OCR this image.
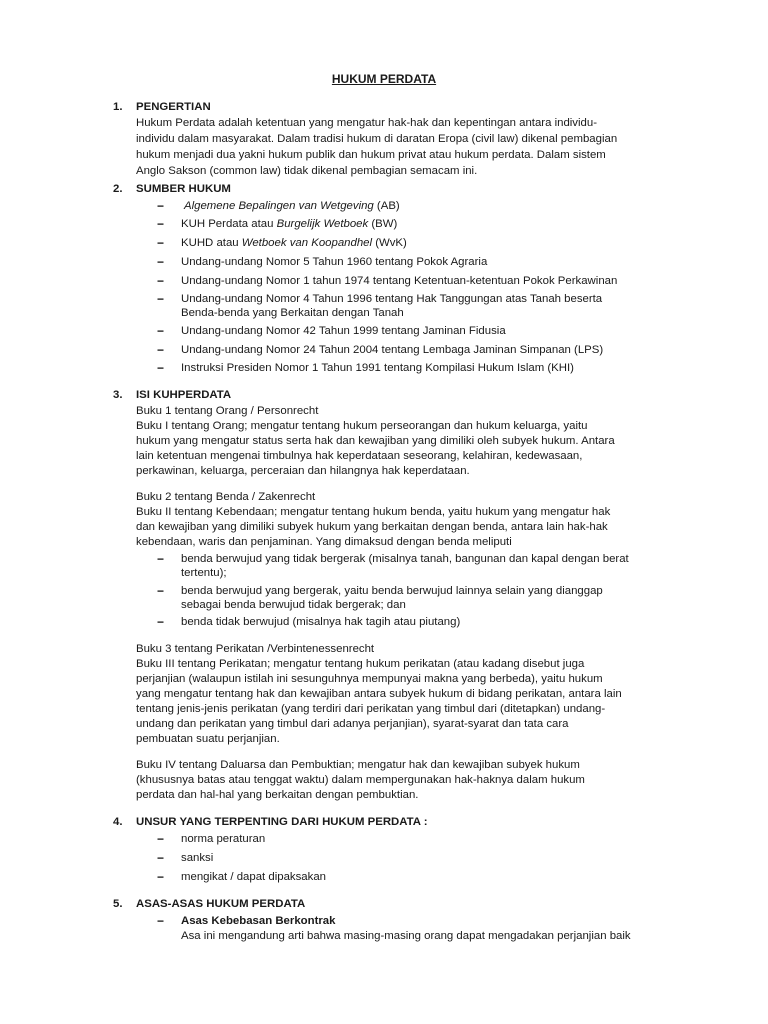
HUKUM PERDATA
1. PENGERTIAN
Hukum Perdata adalah ketentuan yang mengatur hak-hak dan kepentingan antara individu-
individu dalam masyarakat. Dalam tradisi hukum di daratan Eropa (civil law) dikenal pembagian
hukum menjadi dua yakni hukum publik dan hukum privat atau hukum perdata. Dalam sistem
Anglo Sakson (common law) tidak dikenal pembagian semacam ini.
2. SUMBER HUKUM
− Algemene Bepalingen van Wetgeving (AB)
− KUH Perdata atau Burgelijk Wetboek (BW)
− KUHD atau Wetboek van Koopandhel (WvK)
− Undang-undang Nomor 5 Tahun 1960 tentang Pokok Agraria
− Undang-undang Nomor 1 tahun 1974 tentang Ketentuan-ketentuan Pokok Perkawinan
− Undang-undang Nomor 4 Tahun 1996 tentang Hak Tanggungan atas Tanah beserta
Benda-benda yang Berkaitan dengan Tanah
− Undang-undang Nomor 42 Tahun 1999 tentang Jaminan Fidusia
− Undang-undang Nomor 24 Tahun 2004 tentang Lembaga Jaminan Simpanan (LPS)
− Instruksi Presiden Nomor 1 Tahun 1991 tentang Kompilasi Hukum Islam (KHI)
3. ISI KUHPERDATA
Buku 1 tentang Orang / Personrecht
Buku I tentang Orang; mengatur tentang hukum perseorangan dan hukum keluarga, yaitu
hukum yang mengatur status serta hak dan kewajiban yang dimiliki oleh subyek hukum. Antara
lain ketentuan mengenai timbulnya hak keperdataan seseorang, kelahiran, kedewasaan,
perkawinan, keluarga, perceraian dan hilangnya hak keperdataan.
Buku 2 tentang Benda / Zakenrecht
Buku II tentang Kebendaan; mengatur tentang hukum benda, yaitu hukum yang mengatur hak
dan kewajiban yang dimiliki subyek hukum yang berkaitan dengan benda, antara lain hak-hak
kebendaan, waris dan penjaminan. Yang dimaksud dengan benda meliputi
− benda berwujud yang tidak bergerak (misalnya tanah, bangunan dan kapal dengan berat
tertentu);
− benda berwujud yang bergerak, yaitu benda berwujud lainnya selain yang dianggap
sebagai benda berwujud tidak bergerak; dan
− benda tidak berwujud (misalnya hak tagih atau piutang)
Buku 3 tentang Perikatan /Verbintenessenrecht
Buku III tentang Perikatan; mengatur tentang hukum perikatan (atau kadang disebut juga
perjanjian (walaupun istilah ini sesunguhnya mempunyai makna yang berbeda), yaitu hukum
yang mengatur tentang hak dan kewajiban antara subyek hukum di bidang perikatan, antara lain
tentang jenis-jenis perikatan (yang terdiri dari perikatan yang timbul dari (ditetapkan) undang-
undang dan perikatan yang timbul dari adanya perjanjian), syarat-syarat dan tata cara
pembuatan suatu perjanjian.
Buku IV tentang Daluarsa dan Pembuktian; mengatur hak dan kewajiban subyek hukum
(khususnya batas atau tenggat waktu) dalam mempergunakan hak-haknya dalam hukum
perdata dan hal-hal yang berkaitan dengan pembuktian.
4. UNSUR YANG TERPENTING DARI HUKUM PERDATA :
− norma peraturan
− sanksi
− mengikat / dapat dipaksakan
5. ASAS-ASAS HUKUM PERDATA
− Asas Kebebasan Berkontrak
Asa ini mengandung arti bahwa masing-masing orang dapat mengadakan perjanjian baik
